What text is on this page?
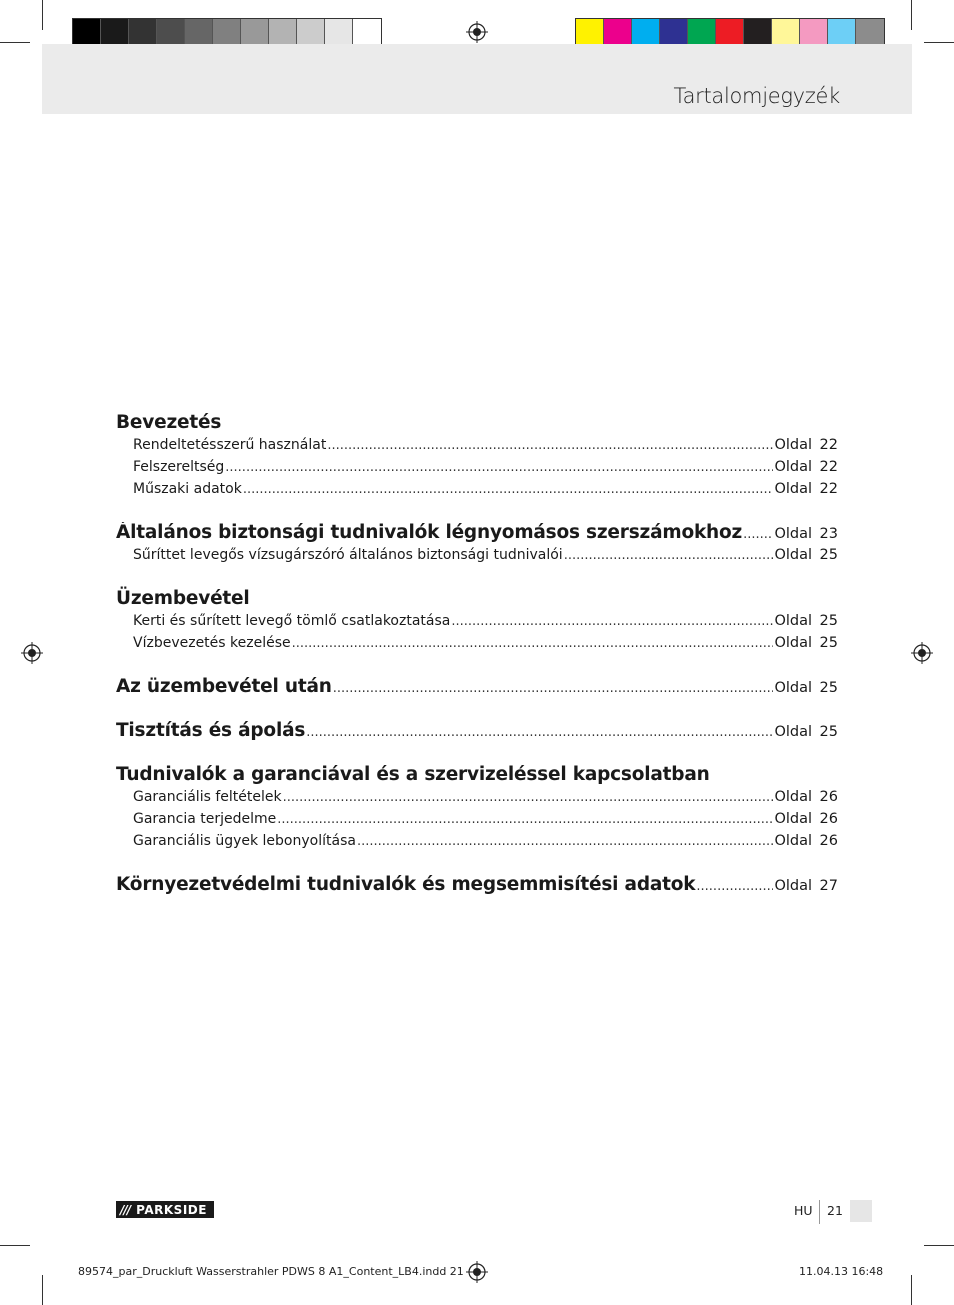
Tartalomjegyzék
Bevezetés
Rendeltetésszerű használat .....	Oldal 22
Felszereltség .....	Oldal 22
Műszaki adatok .....	Oldal 22
Általános biztonsági tudnivalók légnyomásos szerszámokhoz ..... Oldal 23
Sűríttet levegős vízsugárszóró általános biztonsági tudnivalói .....	Oldal 25
Üzembevétel
Kerti és sűrített levegő tömlő csatlakoztatása .....	Oldal 25
Vízbevezetés kezelése .....	Oldal 25
Az üzembevétel után .....	Oldal 25
Tisztítás és ápolás .....	Oldal 25
Tudnivalók a garanciával és a szervizeléssel kapcsolatban
Garanciális feltételek .....	Oldal 26
Garancia terjedelme .....	Oldal 26
Garanciális ügyek lebonyolítása .....	Oldal 26
Környezetvédelmi tudnivalók és megsemmisítési adatok .....	Oldal 27
/// PARKSIDE	HU 21
89574_par_Druckluft Wasserstrahler PDWS 8 A1_Content_LB4.indd 21	11.04.13 16:48
